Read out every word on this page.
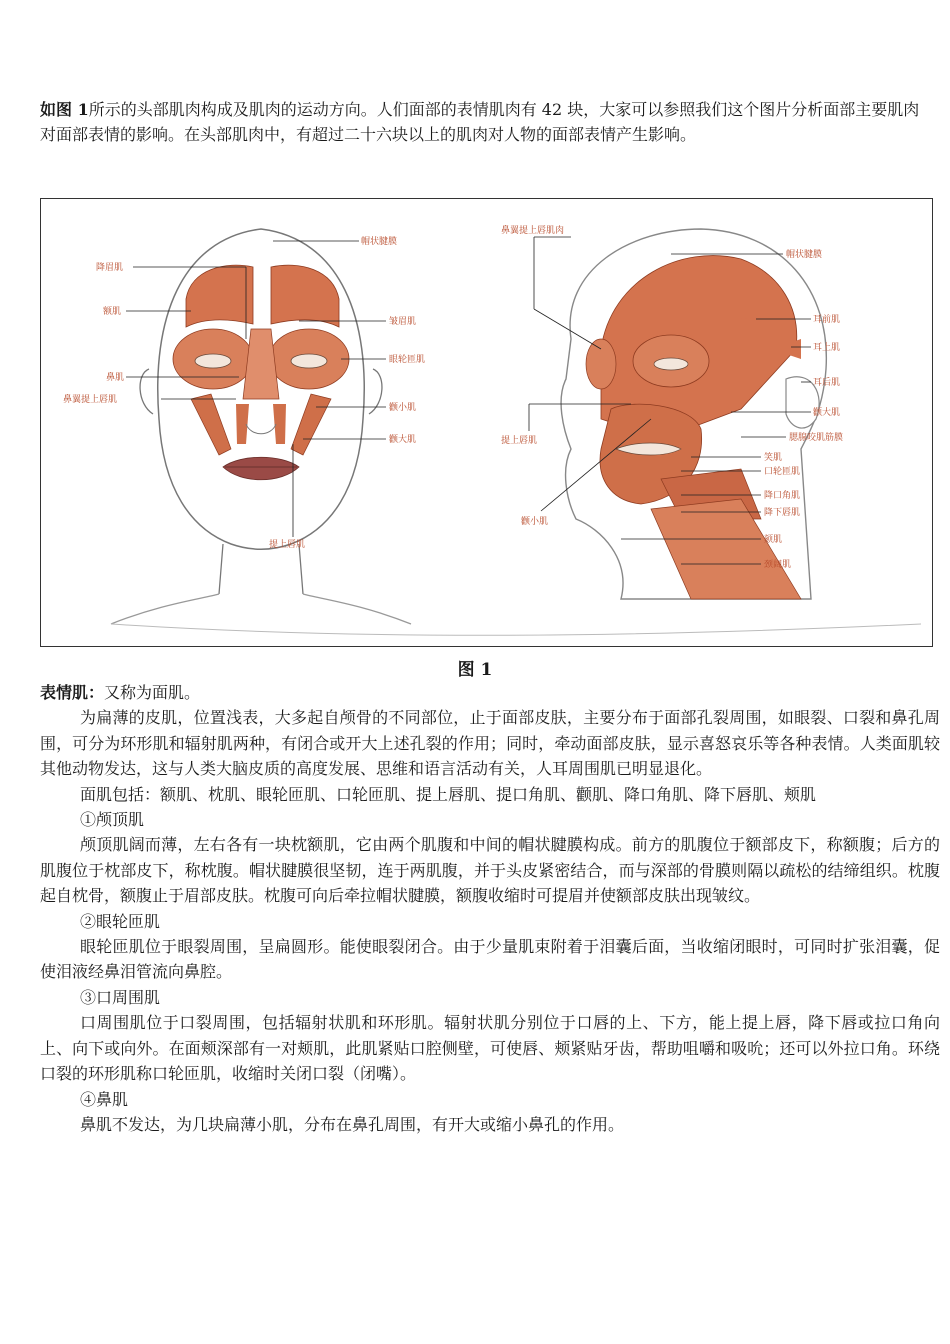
如图 1所示的头部肌肉构成及肌肉的运动方向。人们面部的表情肌肉有 42 块，大家可以参照我们这个图片分析面部主要肌肉对面部表情的影响。在头部肌肉中，有超过二十六块以上的肌肉对人物的面部表情产生影响。
帽状腱膜
降眉肌
额肌
鼻肌
鼻翼提上唇肌
皱眉肌
眼轮匝肌
颧小肌
颧大肌
提上唇肌
鼻翼提上唇肌肉
帽状腱膜
耳前肌
耳上肌
耳后肌
颧大肌
腮腺咬肌筋膜
笑肌
口轮匝肌
降口角肌
降下唇肌
颏肌
颈阔肌
提上唇肌
颧小肌
图 1

表情肌：又称为面肌。

为扁薄的皮肌，位置浅表，大多起自颅骨的不同部位，止于面部皮肤，主要分布于面部孔裂周围，如眼裂、口裂和鼻孔周围，可分为环形肌和辐射肌两种，有闭合或开大上述孔裂的作用；同时，牵动面部皮肤，显示喜怒哀乐等各种表情。人类面肌较其他动物发达，这与人类大脑皮质的高度发展、思维和语言活动有关，人耳周围肌已明显退化。

面肌包括：额肌、枕肌、眼轮匝肌、口轮匝肌、提上唇肌、提口角肌、颧肌、降口角肌、降下唇肌、颊肌

①颅顶肌

颅顶肌阔而薄，左右各有一块枕额肌，它由两个肌腹和中间的帽状腱膜构成。前方的肌腹位于额部皮下，称额腹；后方的肌腹位于枕部皮下，称枕腹。帽状腱膜很坚韧，连于两肌腹，并于头皮紧密结合，而与深部的骨膜则隔以疏松的结缔组织。枕腹起自枕骨，额腹止于眉部皮肤。枕腹可向后牵拉帽状腱膜，额腹收缩时可提眉并使额部皮肤出现皱纹。

②眼轮匝肌

眼轮匝肌位于眼裂周围，呈扁圆形。能使眼裂闭合。由于少量肌束附着于泪囊后面，当收缩闭眼时，可同时扩张泪囊，促使泪液经鼻泪管流向鼻腔。

③口周围肌

口周围肌位于口裂周围，包括辐射状肌和环形肌。辐射状肌分别位于口唇的上、下方，能上提上唇，降下唇或拉口角向上、向下或向外。在面颊深部有一对颊肌，此肌紧贴口腔侧壁，可使唇、颊紧贴牙齿，帮助咀嚼和吸吮；还可以外拉口角。环绕口裂的环形肌称口轮匝肌，收缩时关闭口裂（闭嘴）。

④鼻肌

鼻肌不发达，为几块扁薄小肌，分布在鼻孔周围，有开大或缩小鼻孔的作用。
